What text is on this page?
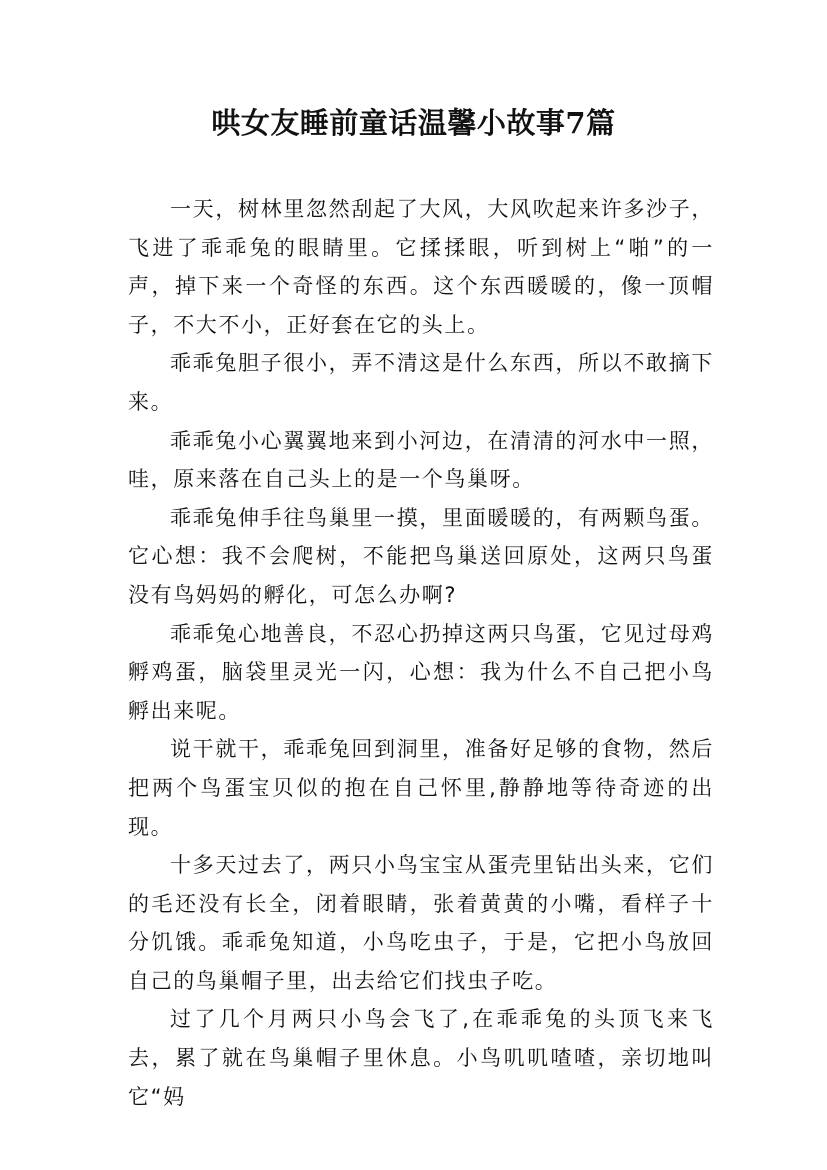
哄女友睡前童话温馨小故事7篇

一天，树林里忽然刮起了大风，大风吹起来许多沙子，飞进了乖乖兔的眼睛里。它揉揉眼，听到树上“啪”的一声，掉下来一个奇怪的东西。这个东西暖暖的，像一顶帽子，不大不小，正好套在它的头上。

乖乖兔胆子很小，弄不清这是什么东西，所以不敢摘下来。

乖乖兔小心翼翼地来到小河边，在清清的河水中一照，哇，原来落在自己头上的是一个鸟巢呀。

乖乖兔伸手往鸟巢里一摸，里面暖暖的，有两颗鸟蛋。它心想：我不会爬树，不能把鸟巢送回原处，这两只鸟蛋没有鸟妈妈的孵化，可怎么办啊?

乖乖兔心地善良，不忍心扔掉这两只鸟蛋，它见过母鸡孵鸡蛋，脑袋里灵光一闪，心想：我为什么不自己把小鸟孵出来呢。

说干就干，乖乖兔回到洞里，准备好足够的食物，然后把两个鸟蛋宝贝似的抱在自己怀里,静静地等待奇迹的出现。

十多天过去了，两只小鸟宝宝从蛋壳里钻出头来，它们的毛还没有长全，闭着眼睛，张着黄黄的小嘴，看样子十分饥饿。乖乖兔知道，小鸟吃虫子，于是，它把小鸟放回自己的鸟巢帽子里，出去给它们找虫子吃。

过了几个月两只小鸟会飞了,在乖乖兔的头顶飞来飞去，累了就在鸟巢帽子里休息。小鸟叽叽喳喳，亲切地叫它“妈
